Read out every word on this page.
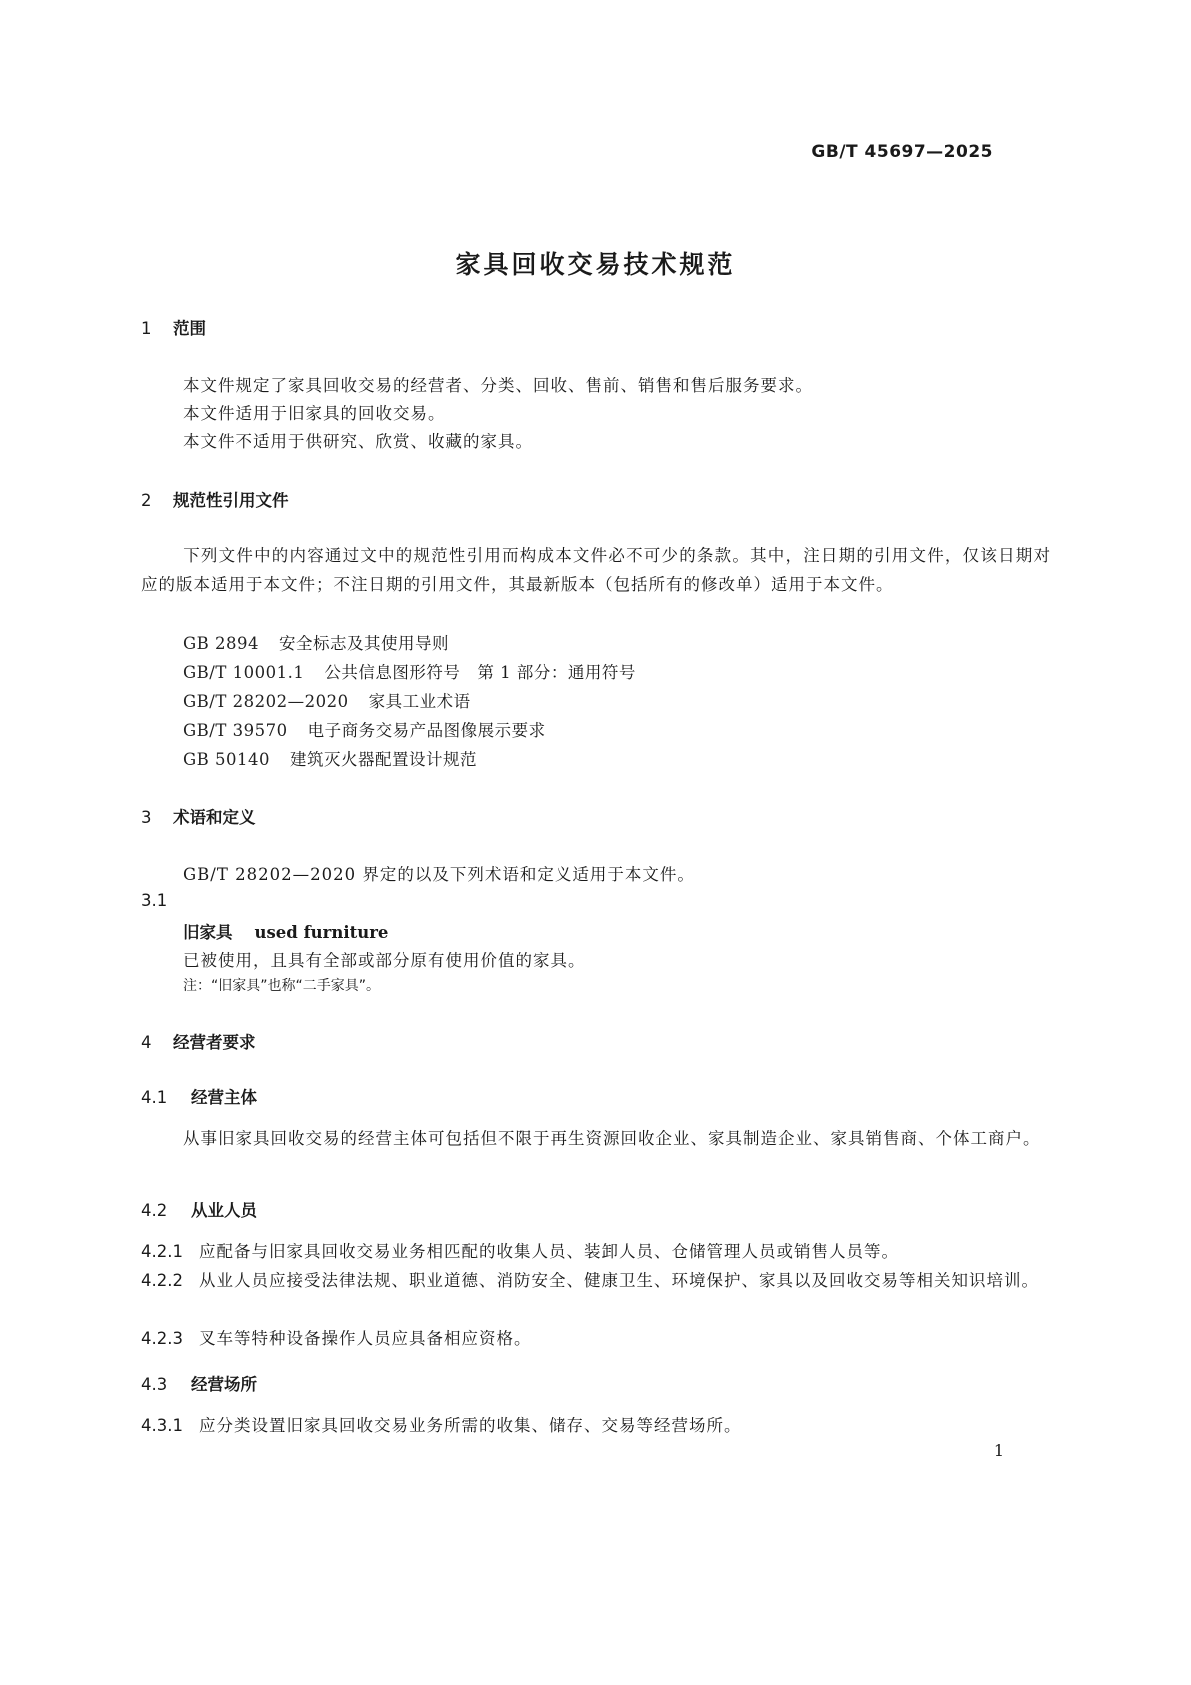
GB/T 45697—2025
家具回收交易技术规范
1 范围
本文件规定了家具回收交易的经营者、分类、回收、售前、销售和售后服务要求。
本文件适用于旧家具的回收交易。
本文件不适用于供研究、欣赏、收藏的家具。
2 规范性引用文件
下列文件中的内容通过文中的规范性引用而构成本文件必不可少的条款。其中，注日期的引用文件，仅该日期对应的版本适用于本文件；不注日期的引用文件，其最新版本（包括所有的修改单）适用于本文件。
GB 2894 安全标志及其使用导则
GB/T 10001.1 公共信息图形符号　第 1 部分：通用符号
GB/T 28202—2020 家具工业术语
GB/T 39570 电子商务交易产品图像展示要求
GB 50140 建筑灭火器配置设计规范
3 术语和定义
GB/T 28202—2020 界定的以及下列术语和定义适用于本文件。
3.1
旧家具 used furniture
已被使用，且具有全部或部分原有使用价值的家具。
注：“旧家具”也称“二手家具”。
4 经营者要求
4.1 经营主体
从事旧家具回收交易的经营主体可包括但不限于再生资源回收企业、家具制造企业、家具销售商、个体工商户。
4.2 从业人员
4.2.1 应配备与旧家具回收交易业务相匹配的收集人员、装卸人员、仓储管理人员或销售人员等。
4.2.2 从业人员应接受法律法规、职业道德、消防安全、健康卫生、环境保护、家具以及回收交易等相关知识培训。
4.2.3 叉车等特种设备操作人员应具备相应资格。
4.3 经营场所
4.3.1 应分类设置旧家具回收交易业务所需的收集、储存、交易等经营场所。
1
